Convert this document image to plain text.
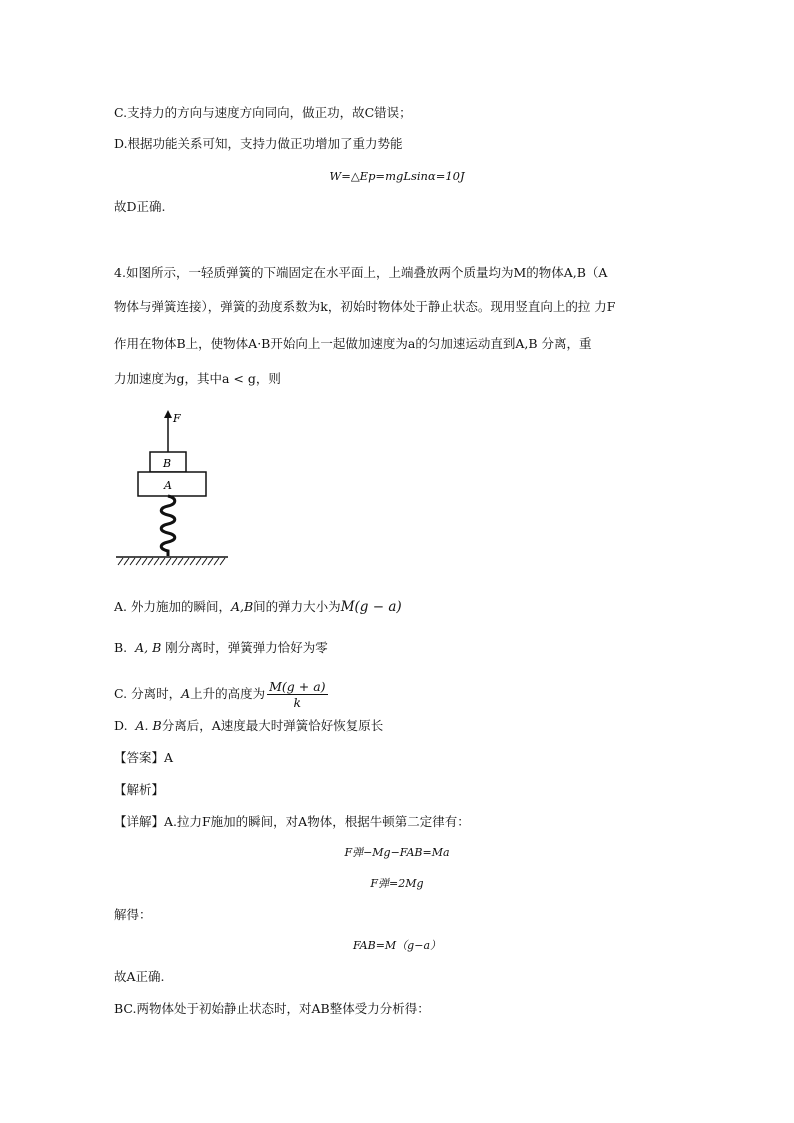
C.支持力的方向与速度方向同向，做正功，故C错误；
D.根据功能关系可知，支持力做正功增加了重力势能
W=△Ep=mgLsinα=10J
故D正确.
4.如图所示，一轻质弹簧的下端固定在水平面上，上端叠放两个质量均为M的物体A,B（A
物体与弹簧连接），弹簧的劲度系数为k，初始时物体处于静止状态。现用竖直向上的拉 力F
作用在物体B上，使物体A·B开始向上一起做加速度为a的匀加速运动直到A,B 分离，重
力加速度为g，其中a < g，则
F
B
A
A. 外力施加的瞬间，A,B间的弹力大小为M(g − a)
B. A, B 刚分离时，弹簧弹力恰好为零
C. 分离时，A上升的高度为 $\frac{M(g + a)}{k}$
D. A. B分离后，A速度最大时弹簧恰好恢复原长
【答案】A
【解析】
【详解】A.拉力F施加的瞬间，对A物体，根据牛顿第二定律有：
F弹−Mg−FAB=Ma
F弹=2Mg
解得：
FAB=M（g−a）
故A正确.
BC.两物体处于初始静止状态时，对AB整体受力分析得：
